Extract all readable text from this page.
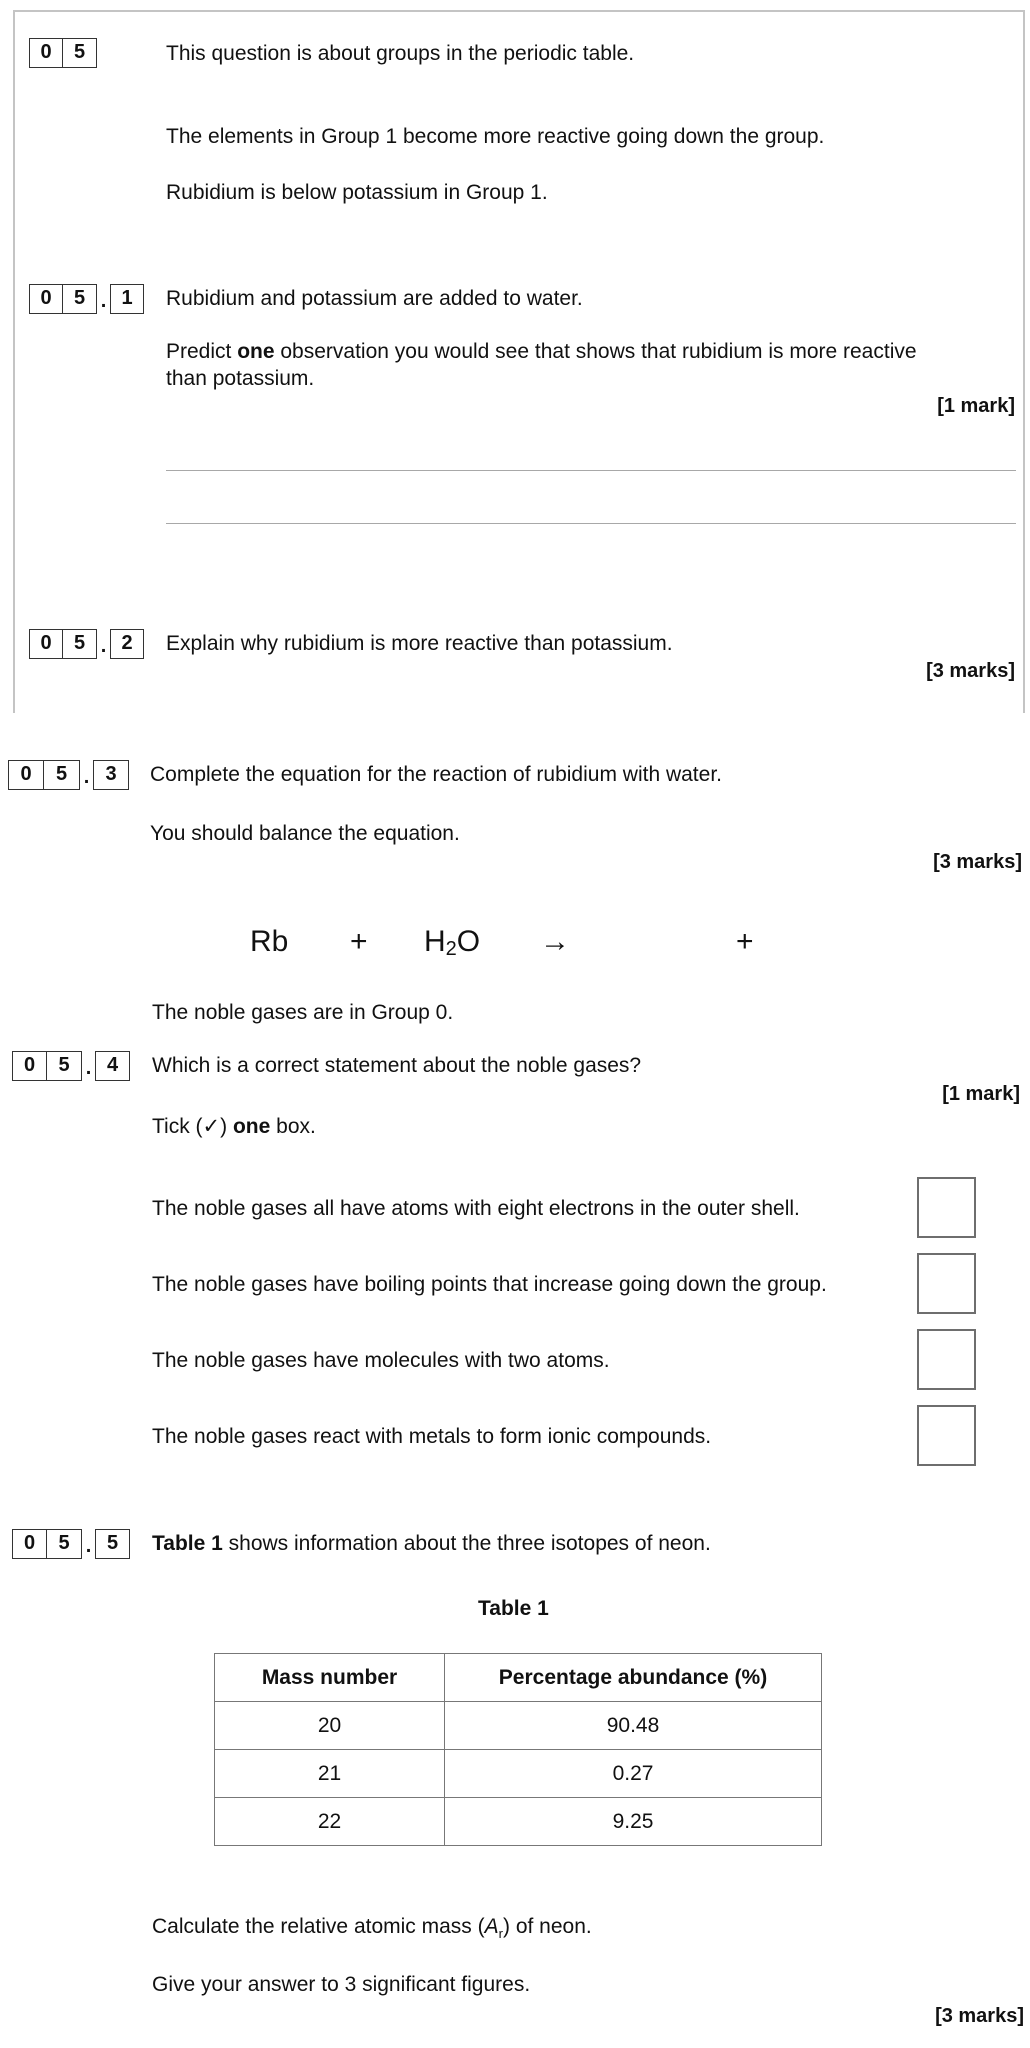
0	5	This question is about groups in the periodic table.
The elements in Group 1 become more reactive going down the group.
Rubidium is below potassium in Group 1.
0	5 . 1	Rubidium and potassium are added to water.
Predict one observation you would see that shows that rubidium is more reactive
than potassium.
[1 mark]
0	5 . 2	Explain why rubidium is more reactive than potassium.
[3 marks]
0	5 . 3	Complete the equation for the reaction of rubidium with water.
You should balance the equation.
[3 marks]
$Rb + H_2O$ →	+
The noble gases are in Group 0.
0	5 . 4	Which is a correct statement about the noble gases?
[1 mark]
Tick (✓) one box.
The noble gases all have atoms with eight electrons in the outer shell.
The noble gases have boiling points that increase going down the group.
The noble gases have molecules with two atoms.
The noble gases react with metals to form ionic compounds.
0	5 . 5	Table 1 shows information about the three isotopes of neon.
Table 1
Mass number	Percentage abundance (%)
20	90.48
21	0.27
22	9.25
Calculate the relative atomic mass $(A_r)$ of neon.
Give your answer to 3 significant figures.
[3 marks]
